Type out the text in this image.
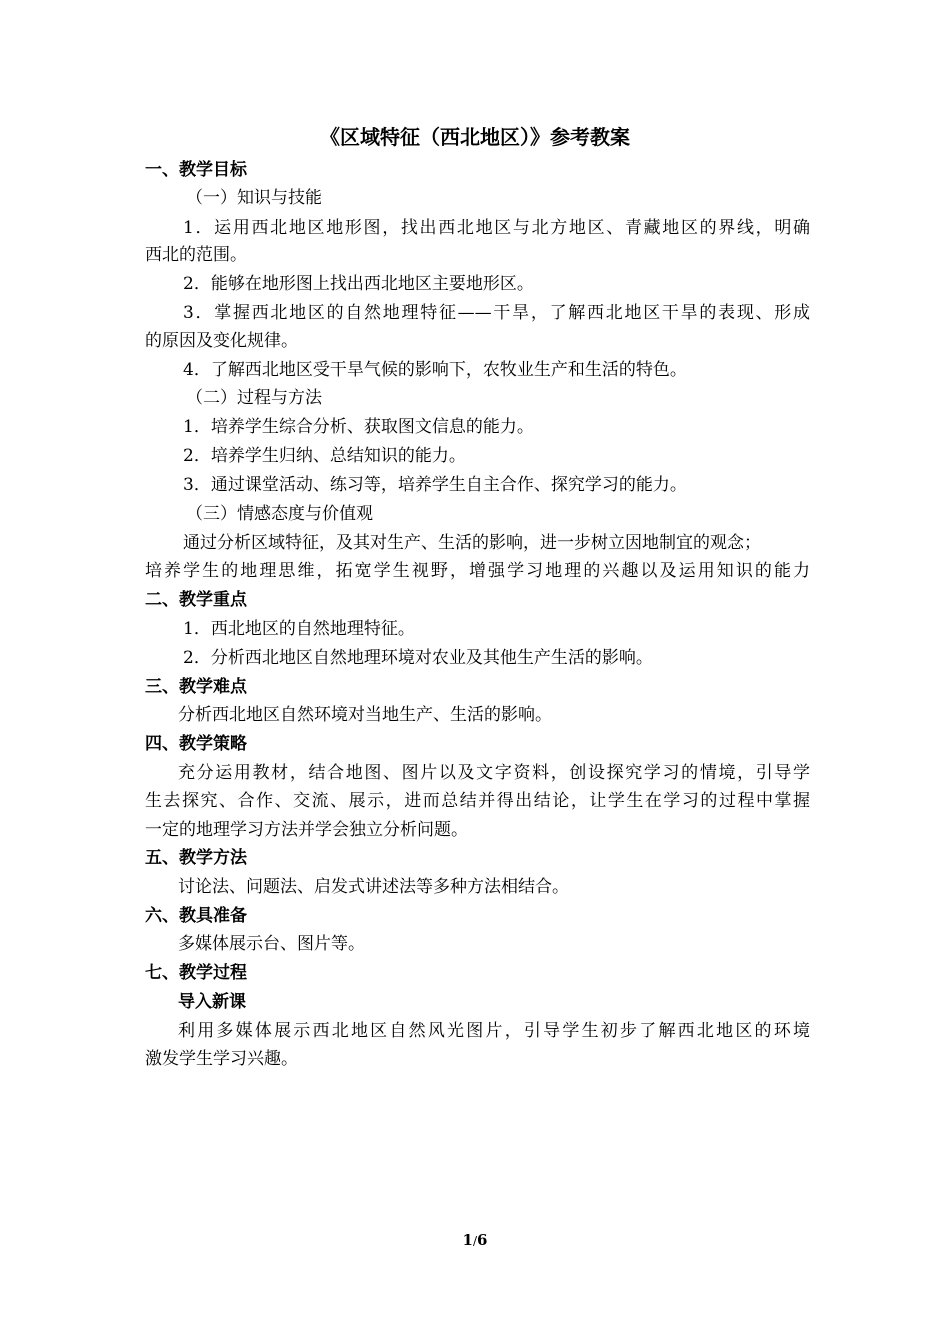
《区域特征（西北地区）》参考教案
一、教学目标
（一）知识与技能
1．运用西北地区地形图，找出西北地区与北方地区、青藏地区的界线，明确
西北的范围。
2．能够在地形图上找出西北地区主要地形区。
3．掌握西北地区的自然地理特征——干旱，了解西北地区干旱的表现、形成
的原因及变化规律。
4．了解西北地区受干旱气候的影响下，农牧业生产和生活的特色。
（二）过程与方法
1．培养学生综合分析、获取图文信息的能力。
2．培养学生归纳、总结知识的能力。
3．通过课堂活动、练习等，培养学生自主合作、探究学习的能力。
（三）情感态度与价值观
通过分析区域特征，及其对生产、生活的影响，进一步树立因地制宜的观念；
培养学生的地理思维，拓宽学生视野，增强学习地理的兴趣以及运用知识的能力
二、教学重点
1．西北地区的自然地理特征。
2．分析西北地区自然地理环境对农业及其他生产生活的影响。
三、教学难点
分析西北地区自然环境对当地生产、生活的影响。
四、教学策略
充分运用教材，结合地图、图片以及文字资料，创设探究学习的情境，引导学
生去探究、合作、交流、展示，进而总结并得出结论，让学生在学习的过程中掌握
一定的地理学习方法并学会独立分析问题。
五、教学方法
讨论法、问题法、启发式讲述法等多种方法相结合。
六、教具准备
多媒体展示台、图片等。
七、教学过程
导入新课
利用多媒体展示西北地区自然风光图片，引导学生初步了解西北地区的环境
激发学生学习兴趣。
1/6
